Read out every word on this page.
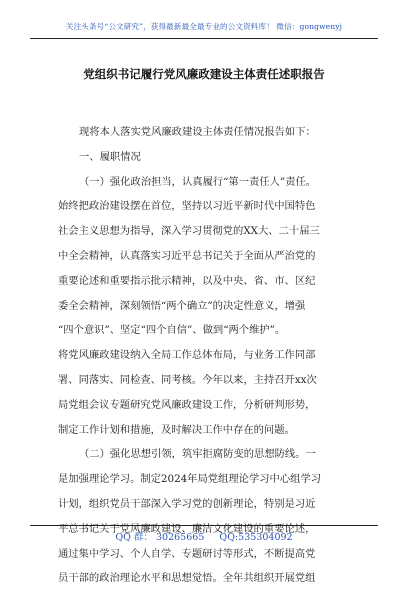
关注头条号“公文研究”，获得最新最全最专业的公文资料库！ 微信：gongwenyj
党组织书记履行党风廉政建设主体责任述职报告
现将本人落实党风廉政建设主体责任情况报告如下：
一、履职情况
（一）强化政治担当，认真履行“第一责任人”责任。
始终把政治建设摆在首位，坚持以习近平新时代中国特色
社会主义思想为指导，深入学习贯彻党的XX大、二十届三
中全会精神，认真落实习近平总书记关于全面从严治党的
重要论述和重要指示批示精神，以及中央、省、市、区纪
委全会精神，深刻领悟“两个确立”的决定性意义，增强
“四个意识”、坚定“四个自信”、做到“两个维护”。
将党风廉政建设纳入全局工作总体布局，与业务工作同部
署、同落实、同检查、同考核。今年以来，主持召开xx次
局党组会议专题研究党风廉政建设工作，分析研判形势，
制定工作计划和措施，及时解决工作中存在的问题。
（二）强化思想引领，筑牢拒腐防变的思想防线。一
是加强理论学习。制定2024年局党组理论学习中心组学习
计划，组织党员干部深入学习党的创新理论，特别是习近
平总书记关于党风廉政建设、廉洁文化建设的重要论述，
通过集中学习、个人自学、专题研讨等形式，不断提高党
员干部的政治理论水平和思想觉悟。全年共组织开展党组
QQ 群： 30265665 QQ:535304092
